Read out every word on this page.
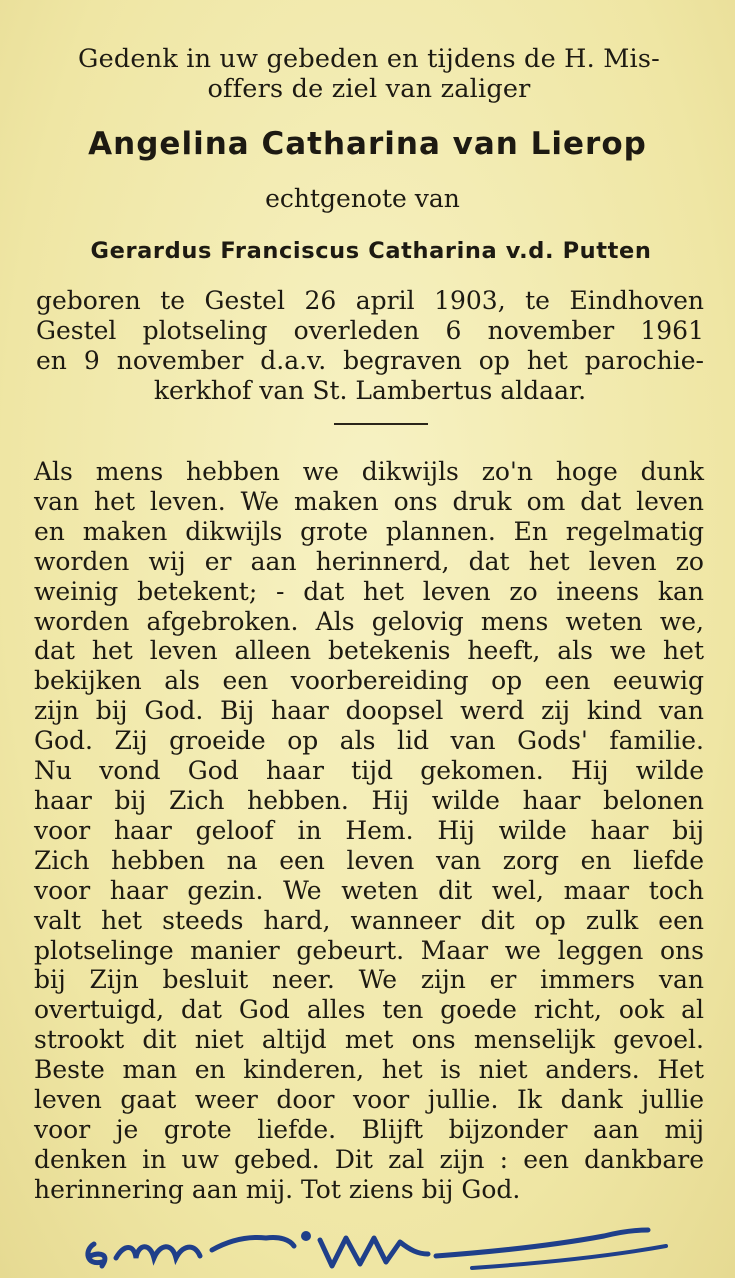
Gedenk in uw gebeden en tijdens de H. Mis-
offers de ziel van zaliger
Angelina Catharina van Lierop
echtgenote van
Gerardus Franciscus Catharina v.d. Putten
geboren te Gestel 26 april 1903, te Eindhoven
Gestel plotseling overleden 6 november 1961
en 9 november d.a.v. begraven op het parochie-
kerkhof van St. Lambertus aldaar.
Als mens hebben we dikwijls zo'n hoge dunk
van het leven. We maken ons druk om dat leven
en maken dikwijls grote plannen. En regelmatig
worden wij er aan herinnerd, dat het leven zo
weinig betekent; - dat het leven zo ineens kan
worden afgebroken. Als gelovig mens weten we,
dat het leven alleen betekenis heeft, als we het
bekijken als een voorbereiding op een eeuwig
zijn bij God. Bij haar doopsel werd zij kind van
God. Zij groeide op als lid van Gods' familie.
Nu vond God haar tijd gekomen. Hij wilde
haar bij Zich hebben. Hij wilde haar belonen
voor haar geloof in Hem. Hij wilde haar bij
Zich hebben na een leven van zorg en liefde
voor haar gezin. We weten dit wel, maar toch
valt het steeds hard, wanneer dit op zulk een
plotselinge manier gebeurt. Maar we leggen ons
bij Zijn besluit neer. We zijn er immers van
overtuigd, dat God alles ten goede richt, ook al
strookt dit niet altijd met ons menselijk gevoel.
Beste man en kinderen, het is niet anders. Het
leven gaat weer door voor jullie. Ik dank jullie
voor je grote liefde. Blijft bijzonder aan mij
denken in uw gebed. Dit zal zijn : een dankbare
herinnering aan mij. Tot ziens bij God.
